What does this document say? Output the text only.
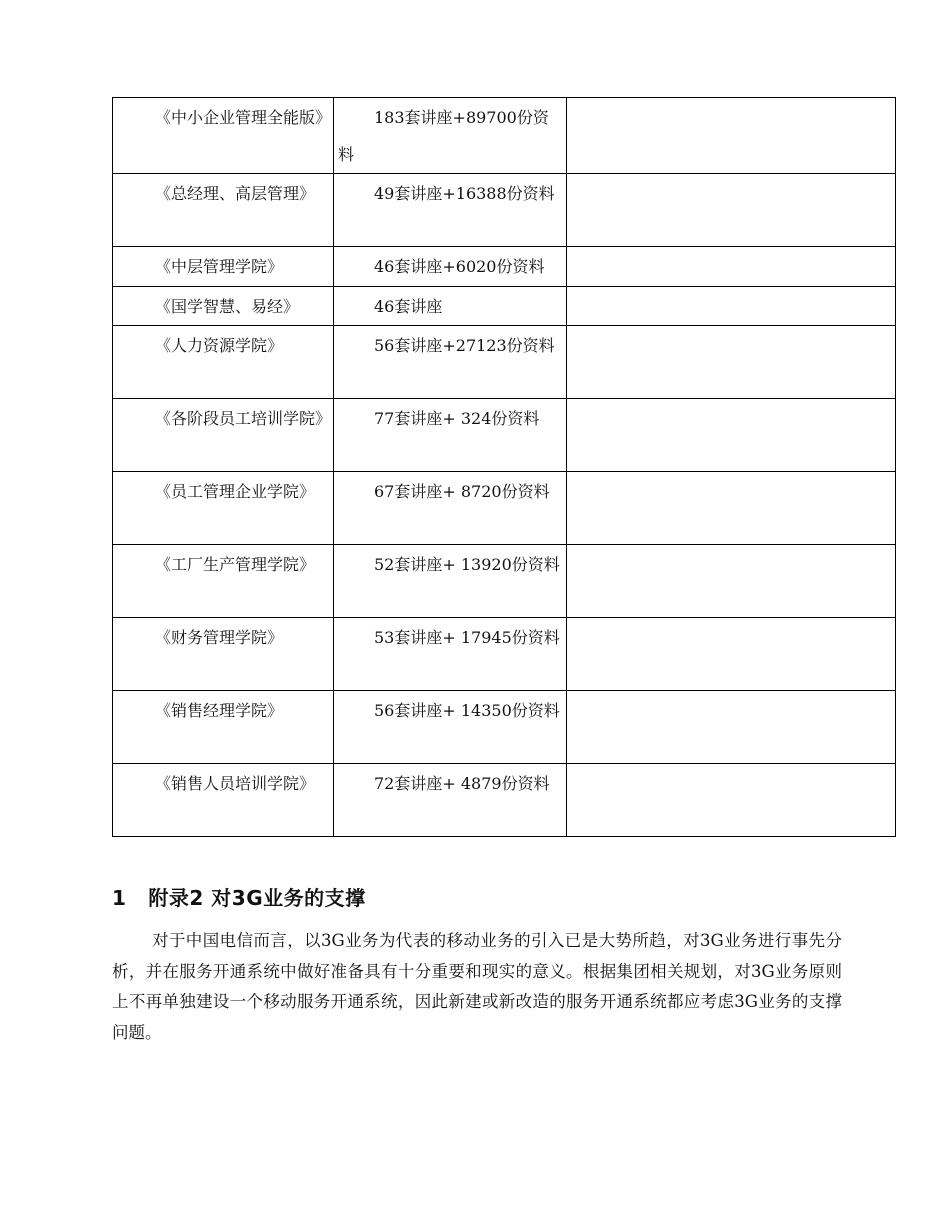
《中小企业管理全能版》	183套讲座+89700份资料	
《总经理、高层管理》	49套讲座+16388份资料	
《中层管理学院》	46套讲座+6020份资料	
《国学智慧、易经》	46套讲座	
《人力资源学院》	56套讲座+27123份资料	
《各阶段员工培训学院》	77套讲座+ 324份资料	
《员工管理企业学院》	67套讲座+ 8720份资料	
《工厂生产管理学院》	52套讲座+ 13920份资料	
《财务管理学院》	53套讲座+ 17945份资料	
《销售经理学院》	56套讲座+ 14350份资料	
《销售人员培训学院》	72套讲座+ 4879份资料	
1 附录2 对3G业务的支撑

对于中国电信而言，以3G业务为代表的移动业务的引入已是大势所趋，对3G业务进行事先分析，并在服务开通系统中做好准备具有十分重要和现实的意义。根据集团相关规划，对3G业务原则上不再单独建设一个移动服务开通系统，因此新建或新改造的服务开通系统都应考虑3G业务的支撑问题。
